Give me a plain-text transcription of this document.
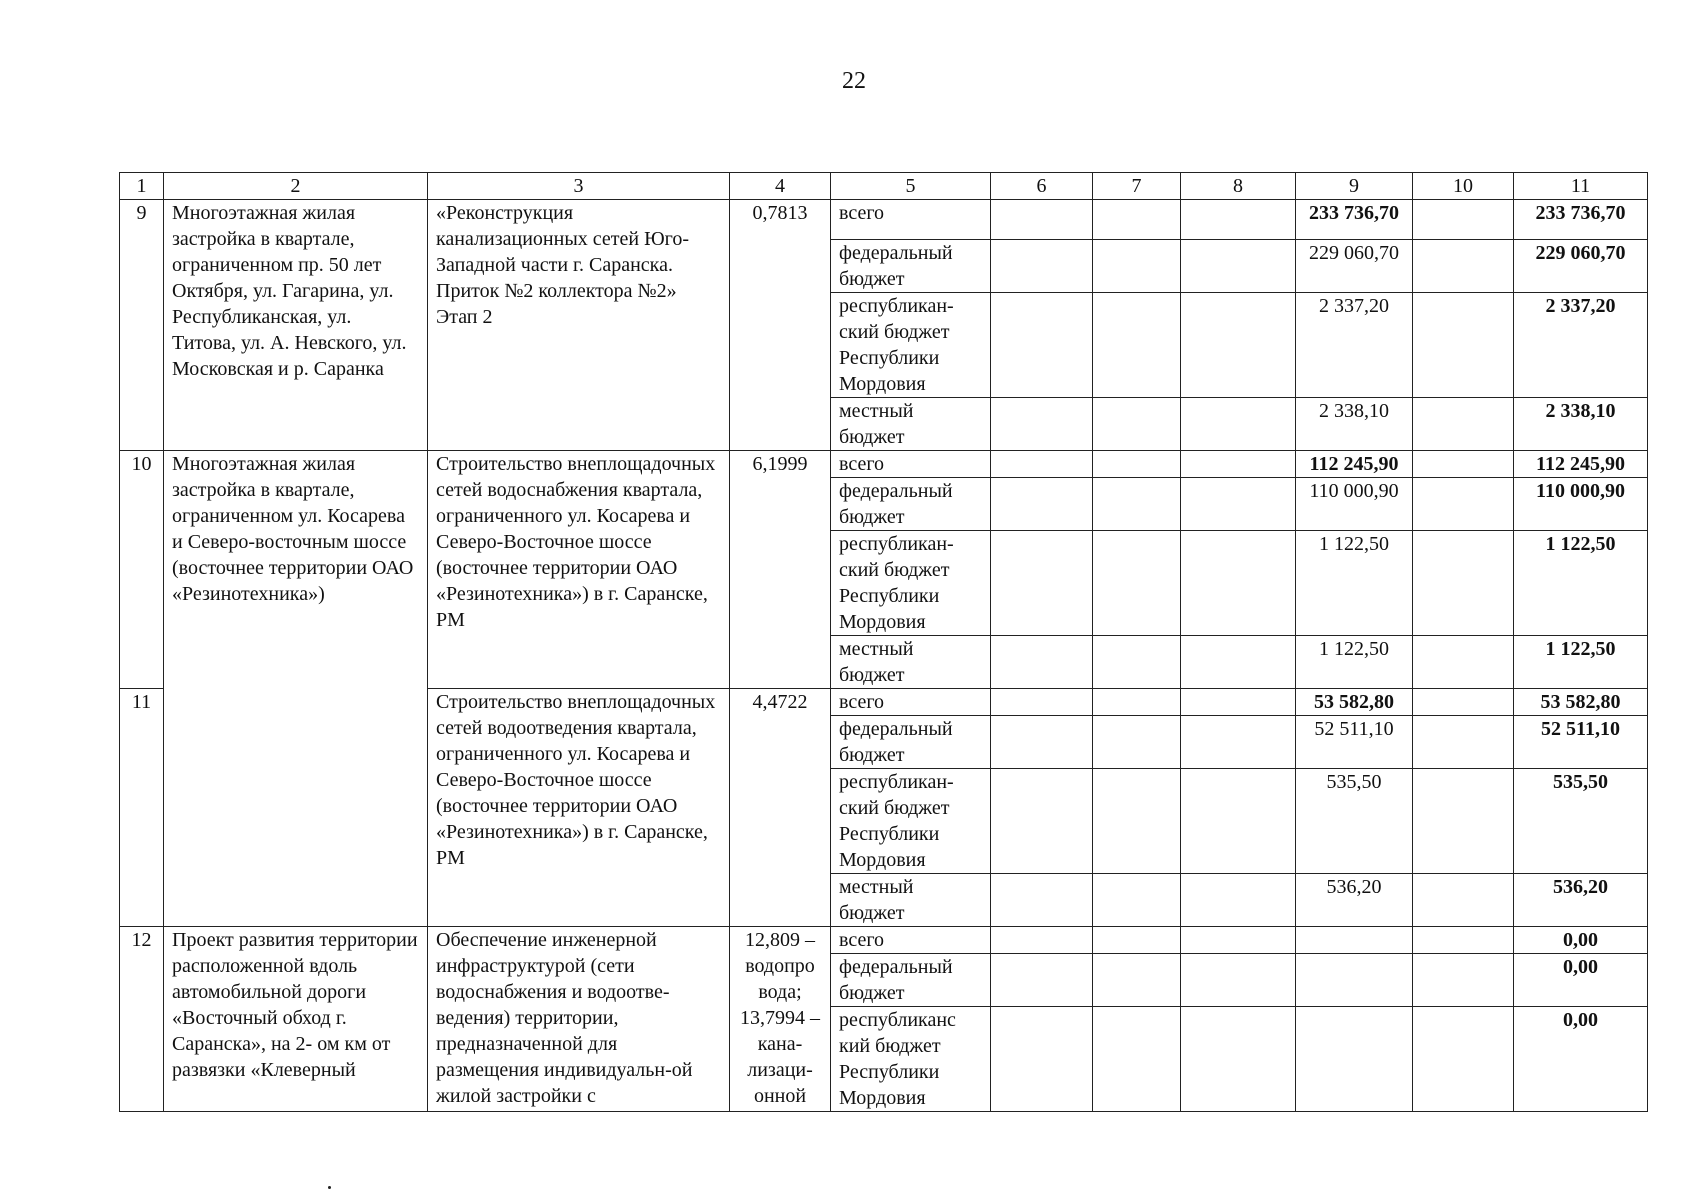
22
1	2	3	4	5	6	7	8	9	10	11
9	Многоэтажная жилая застройка в квартале, ограниченном пр. 50 лет Октября, ул. Гагарина, ул. Республиканская, ул. Титова, ул. А. Невского, ул. Московская и р. Саранка	«Реконструкция канализационных сетей Юго-Западной части г. Саранска. Приток №2 коллектора №2» Этап 2	0,7813	всего				233 736,70		233 736,70
				федеральный бюджет				229 060,70		229 060,70
				республикан-ский бюджет Республики Мордовия				2 337,20		2 337,20
				местный бюджет				2 338,10		2 338,10
10	Многоэтажная жилая застройка в квартале, ограниченном ул. Косарева и Северо-восточным шоссе (восточнее территории ОАО «Резинотехника»)	Строительство внеплощадочных сетей водоснабжения квартала, ограниченного ул. Косарева и Северо-Восточное шоссе (восточнее территории ОАО «Резинотехника») в г. Саранске, РМ	6,1999	всего				112 245,90		112 245,90
				федеральный бюджет				110 000,90		110 000,90
				республикан-ский бюджет Республики Мордовия				1 122,50		1 122,50
				местный бюджет				1 122,50		1 122,50
11		Строительство внеплощадочных сетей водоотведения квартала, ограниченного ул. Косарева и Северо-Восточное шоссе (восточнее территории ОАО «Резинотехника») в г. Саранске, РМ	4,4722	всего				53 582,80		53 582,80
				федеральный бюджет				52 511,10		52 511,10
				республикан-ский бюджет Республики Мордовия				535,50		535,50
				местный бюджет				536,20		536,20
12	Проект развития территории расположенной вдоль автомобильной дороги «Восточный обход г. Саранска», на 2- ом км от развязки «Клеверный	Обеспечение инженерной инфраструктурой (сети водоснабжения и водоотве-ведения) территории, предназначенной для размещения индивидуальн-ой жилой застройки с	12,809 – водопро вода; 13,7994 – кана-лизаци-онной	всего						0,00
				федеральный бюджет						0,00
				республиканс кий бюджет Республики Мордовия						0,00
